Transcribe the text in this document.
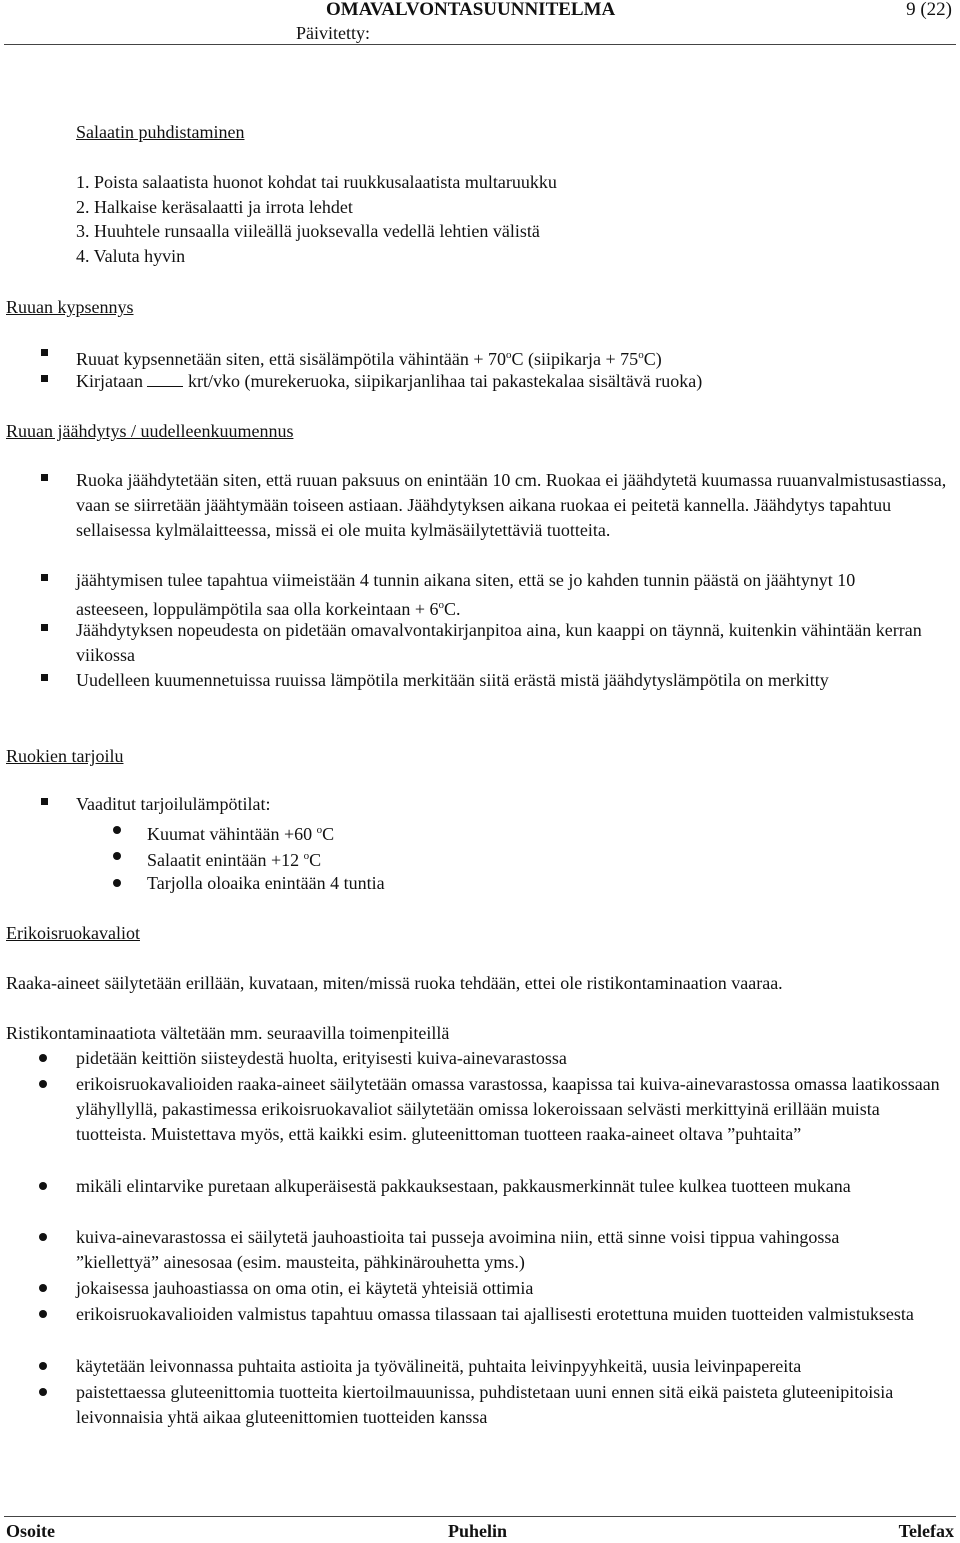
OMAVALVONTASUUNNITELMA	9 (22)
Päivitetty:
Salaatin puhdistaminen
1. Poista salaatista huonot kohdat tai ruukkusalaatista multaruukku
2. Halkaise keräsalaatti ja irrota lehdet
3. Huuhtele runsaalla viileällä juoksevalla vedellä lehtien välistä
4. Valuta hyvin
Ruuan kypsennys
Ruuat kypsennetään siten, että sisälämpötila vähintään + $70^oC$ (siipikarja + $75^oC$)
Kirjataan	krt/vko (murekeruoka, siipikarjanlihaa tai pakastekalaa sisältävä ruoka)
Ruuan jäähdytys / uudelleenkuumennus
Ruoka jäähdytetään siten, että ruuan paksuus on enintään 10 cm. Ruokaa ei jäähdytetä kuumassa ruuanvalmistusastiassa, vaan se siirretään jäähtymään toiseen astiaan. Jäähdytyksen aikana ruokaa ei peitetä kannella. Jäähdytys tapahtuu sellaisessa kylmälaitteessa, missä ei ole muita kylmäsäilytettäviä tuotteita.
jäähtymisen tulee tapahtua viimeistään 4 tunnin aikana siten, että se jo kahden tunnin päästä on jäähtynyt 10 asteeseen, loppulämpötila saa olla korkeintaan + $6^oC$.
Jäähdytyksen nopeudesta on pidetään omavalvontakirjanpitoa aina, kun kaappi on täynnä, kuitenkin vähintään kerran viikossa
Uudelleen kuumennetuissa ruuissa lämpötila merkitään siitä erästä mistä jäähdytyslämpötila on merkitty
Ruokien tarjoilu
Vaaditut tarjoilulämpötilat:
Kuumat vähintään +60 $^o$C
Salaatit enintään +12 $^o$C
Tarjolla oloaika enintään 4 tuntia
Erikoisruokavaliot
Raaka-aineet säilytetään erillään, kuvataan, miten/missä ruoka tehdään, ettei ole ristikontaminaation vaaraa.
Ristikontaminaatiota vältetään mm. seuraavilla toimenpiteillä
pidetään keittiön siisteydestä huolta, erityisesti kuiva-ainevarastossa
erikoisruokavalioiden raaka-aineet säilytetään omassa varastossa, kaapissa tai kuiva-ainevarastossa omassa laatikossaan ylähyllyllä, pakastimessa erikoisruokavaliot säilytetään omissa lokeroissaan selvästi merkittyinä erillään muista tuotteista. Muistettava myös, että kaikki esim. gluteenittoman tuotteen raaka-aineet oltava ”puhtaita”
mikäli elintarvike puretaan alkuperäisestä pakkauksestaan, pakkausmerkinnät tulee kulkea tuotteen mukana
kuiva-ainevarastossa ei säilytetä jauhoastioita tai pusseja avoimina niin, että sinne voisi tippua vahingossa ”kiellettyä” ainesosaa (esim. mausteita, pähkinärouhetta yms.)
jokaisessa jauhoastiassa on oma otin, ei käytetä yhteisiä ottimia
erikoisruokavalioiden valmistus tapahtuu omassa tilassaan tai ajallisesti erotettuna muiden tuotteiden valmistuksesta
käytetään leivonnassa puhtaita astioita ja työvälineitä, puhtaita leivinpyyhkeitä, uusia leivinpapereita
paistettaessa gluteenittomia tuotteita kiertoilmauunissa, puhdistetaan uuni ennen sitä eikä paisteta gluteenipitoisia leivonnaisia yhtä aikaa gluteenittomien tuotteiden kanssa
Osoite	Puhelin	Telefax
